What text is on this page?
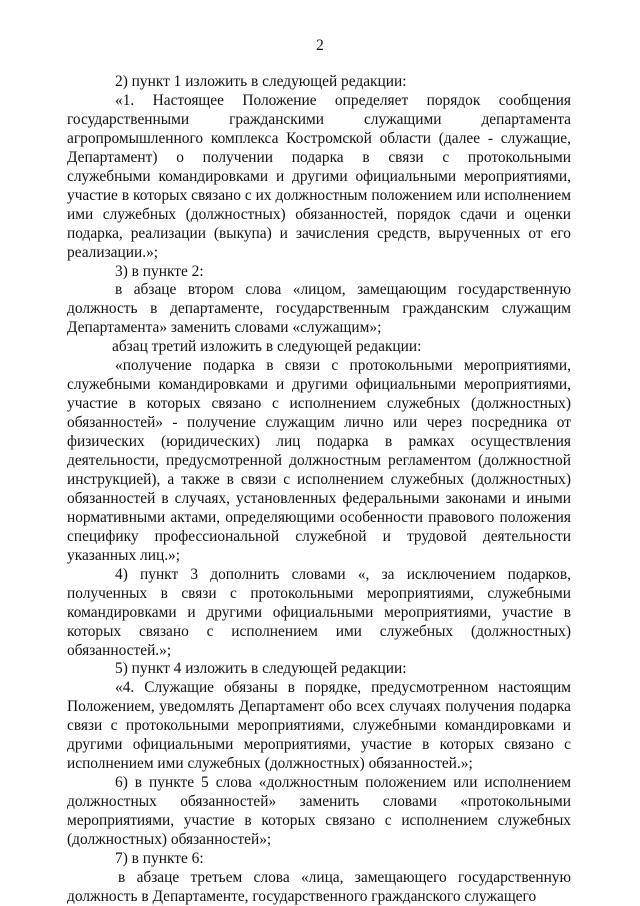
2
2) пункт 1 изложить в следующей редакции:
«1. Настоящее Положение определяет порядок сообщения
государственными гражданскими служащими департамента
агропромышленного комплекса Костромской области (далее - служащие,
Департамент) о получении подарка в связи с протокольными
служебными командировками и другими официальными мероприятиями,
участие в которых связано с их должностным положением или исполнением
ими служебных (должностных) обязанностей, порядок сдачи и оценки
подарка, реализации (выкупа) и зачисления средств, вырученных от его
реализации.»;
3) в пункте 2:
в абзаце втором слова «лицом, замещающим государственную
должность в департаменте, государственным гражданским служащим
Департамента» заменить словами «служащим»;
абзац третий изложить в следующей редакции:
«получение подарка в связи с протокольными мероприятиями,
служебными командировками и другими официальными мероприятиями,
участие в которых связано с исполнением служебных (должностных)
обязанностей» - получение служащим лично или через посредника от
физических (юридических) лиц подарка в рамках осуществления
деятельности, предусмотренной должностным регламентом (должностной
инструкцией), а также в связи с исполнением служебных (должностных)
обязанностей в случаях, установленных федеральными законами и иными
нормативными актами, определяющими особенности правового положения
специфику профессиональной служебной и трудовой деятельности
указанных лиц.»;
4) пункт 3 дополнить словами «, за исключением подарков,
полученных в связи с протокольными мероприятиями, служебными
командировками и другими официальными мероприятиями, участие в
которых связано с исполнением ими служебных (должностных)
обязанностей.»;
5) пункт 4 изложить в следующей редакции:
«4. Служащие обязаны в порядке, предусмотренном настоящим
Положением, уведомлять Департамент обо всех случаях получения подарка
связи с протокольными мероприятиями, служебными командировками и
другими официальными мероприятиями, участие в которых связано с
исполнением ими служебных (должностных) обязанностей.»;
6) в пункте 5 слова «должностным положением или исполнением
должностных обязанностей» заменить словами «протокольными
мероприятиями, участие в которых связано с исполнением служебных
(должностных) обязанностей»;
7) в пункте 6:
в абзаце третьем слова «лица, замещающего государственную
должность в Департаменте, государственного гражданского служащего
